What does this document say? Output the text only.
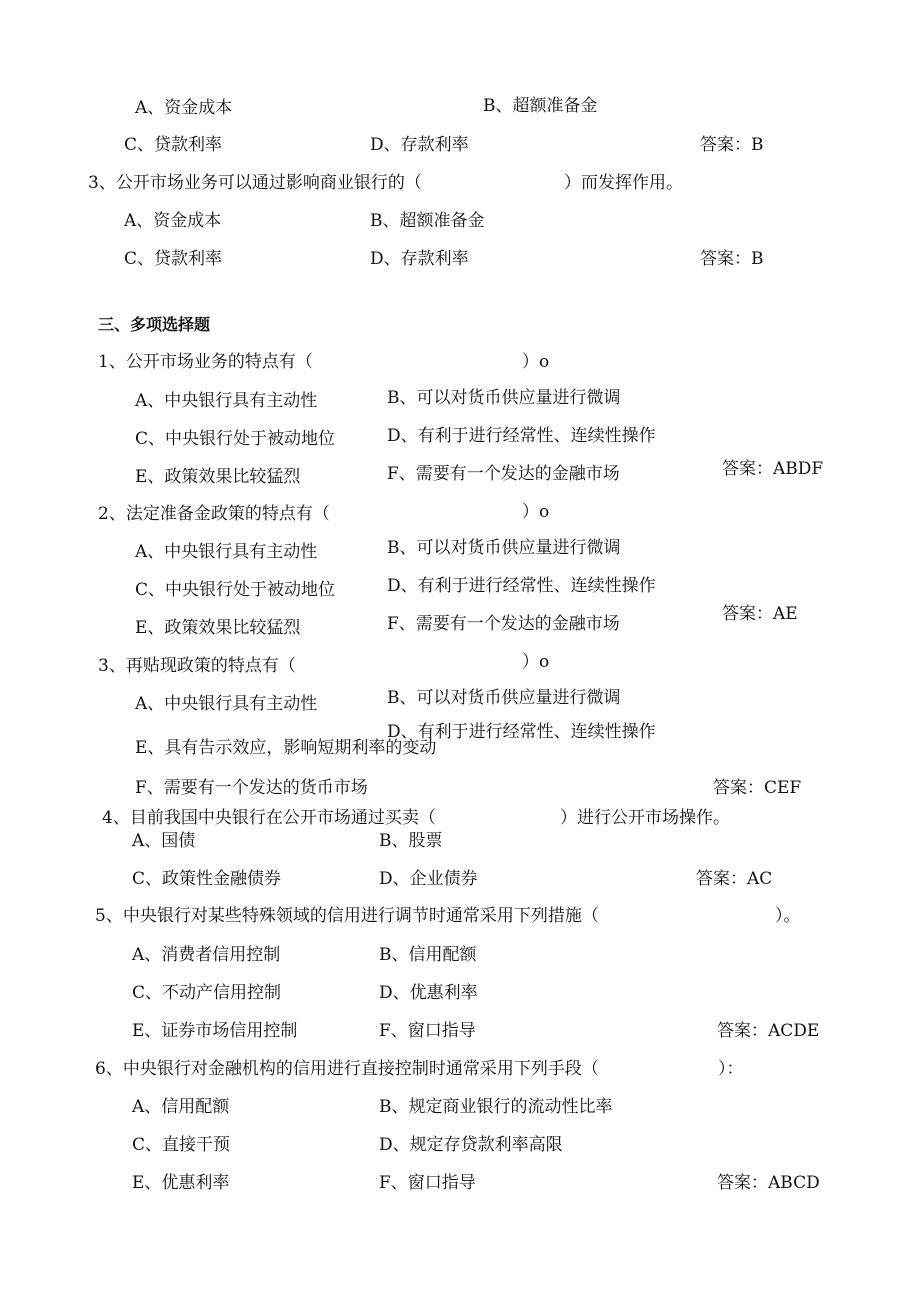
A、资金成本	B、超额准备金
C、贷款利率	D、存款利率	答案：B
3、公开市场业务可以通过影响商业银行的（	）而发挥作用。
A、资金成本	B、超额准备金
C、贷款利率	D、存款利率	答案：B
三、多项选择题
1、公开市场业务的特点有（	）o
A、中央银行具有主动性	B、可以对货币供应量进行微调
C、中央银行处于被动地位	D、有利于进行经常性、连续性操作
E、政策效果比较猛烈	F、需要有一个发达的金融市场	答案：ABDF
2、法定准备金政策的特点有（	）o
A、中央银行具有主动性	B、可以对货币供应量进行微调
C、中央银行处于被动地位	D、有利于进行经常性、连续性操作
E、政策效果比较猛烈	F、需要有一个发达的金融市场	答案：AE
3、再贴现政策的特点有（	）o
A、中央银行具有主动性	B、可以对货币供应量进行微调
D、有利于进行经常性、连续性操作
E、具有告示效应，影响短期利率的变动
F、需要有一个发达的货币市场	答案：CEF
4、目前我国中央银行在公开市场通过买卖（	）进行公开市场操作。
A、国债	B、股票
C、政策性金融债券	D、企业债券	答案：AC
5、中央银行对某些特殊领域的信用进行调节时通常采用下列措施（	）。
A、消费者信用控制	B、信用配额
C、不动产信用控制	D、优惠利率
E、证券市场信用控制	F、窗口指导	答案：ACDE
6、中央银行对金融机构的信用进行直接控制时通常采用下列手段（	）：
A、信用配额	B、规定商业银行的流动性比率
C、直接干预	D、规定存贷款利率高限
E、优惠利率	F、窗口指导	答案：ABCD
